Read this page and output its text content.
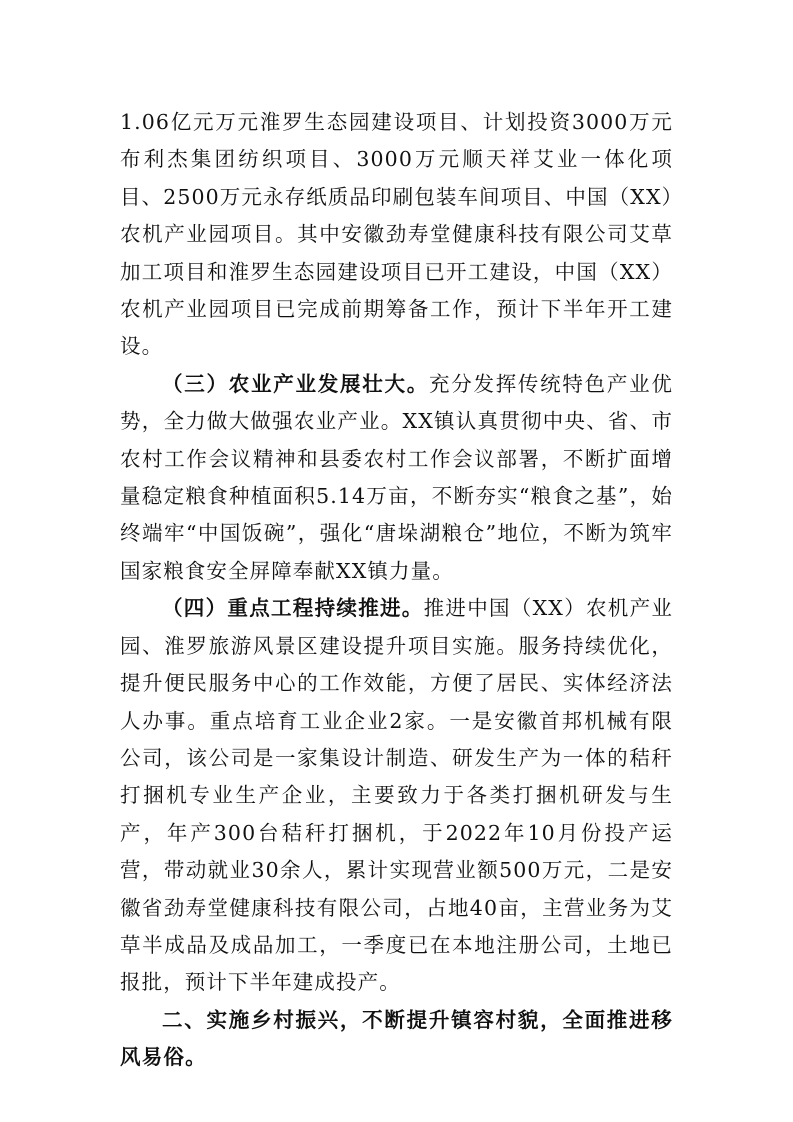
1.06亿元万元淮罗生态园建设项目、计划投资3000万元布利杰集团纺织项目、3000万元顺天祥艾业一体化项目、2500万元永存纸质品印刷包装车间项目、中国（XX）农机产业园项目。其中安徽劲寿堂健康科技有限公司艾草加工项目和淮罗生态园建设项目已开工建设，中国（XX）农机产业园项目已完成前期筹备工作，预计下半年开工建设。

（三）农业产业发展壮大。充分发挥传统特色产业优势，全力做大做强农业产业。XX镇认真贯彻中央、省、市农村工作会议精神和县委农村工作会议部署，不断扩面增量稳定粮食种植面积5.14万亩，不断夯实“粮食之基”，始终端牢“中国饭碗”，强化“唐垛湖粮仓”地位，不断为筑牢国家粮食安全屏障奉献XX镇力量。

（四）重点工程持续推进。推进中国（XX）农机产业园、淮罗旅游风景区建设提升项目实施。服务持续优化，提升便民服务中心的工作效能，方便了居民、实体经济法人办事。重点培育工业企业2家。一是安徽首邦机械有限公司，该公司是一家集设计制造、研发生产为一体的秸秆打捆机专业生产企业，主要致力于各类打捆机研发与生产，年产300台秸秆打捆机，于2022年10月份投产运营，带动就业30余人，累计实现营业额500万元，二是安徽省劲寿堂健康科技有限公司，占地40亩，主营业务为艾草半成品及成品加工，一季度已在本地注册公司，土地已报批，预计下半年建成投产。

二、实施乡村振兴，不断提升镇容村貌，全面推进移风易俗。
